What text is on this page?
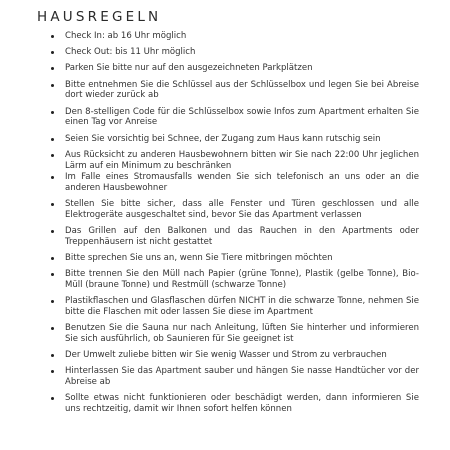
HAUSREGELN
Check In: ab 16 Uhr möglich
Check Out: bis 11 Uhr möglich
Parken Sie bitte nur auf den ausgezeichneten Parkplätzen
Bitte entnehmen Sie die Schlüssel aus der Schlüsselbox und legen Sie bei Abreise dort wieder zurück ab
Den 8-stelligen Code für die Schlüsselbox sowie Infos zum Apartment erhalten Sie einen Tag vor Anreise
Seien Sie vorsichtig bei Schnee, der Zugang zum Haus kann rutschig sein
Aus Rücksicht zu anderen Hausbewohnern bitten wir Sie nach 22:00 Uhr jeglichen Lärm auf ein Minimum zu beschränken
Im Falle eines Stromausfalls wenden Sie sich telefonisch an uns oder an die anderen Hausbewohner
Stellen Sie bitte sicher, dass alle Fenster und Türen geschlossen und alle Elektrogeräte ausgeschaltet sind, bevor Sie das Apartment verlassen
Das Grillen auf den Balkonen und das Rauchen in den Apartments oder Treppenhäusern ist nicht gestattet
Bitte sprechen Sie uns an, wenn Sie Tiere mitbringen möchten
Bitte trennen Sie den Müll nach Papier (grüne Tonne), Plastik (gelbe Tonne), Bio-Müll (braune Tonne) und Restmüll (schwarze Tonne)
Plastikflaschen und Glasflaschen dürfen NICHT in die schwarze Tonne, nehmen Sie bitte die Flaschen mit oder lassen Sie diese im Apartment
Benutzen Sie die Sauna nur nach Anleitung, lüften Sie hinterher und informieren Sie sich ausführlich, ob Saunieren für Sie geeignet ist
Der Umwelt zuliebe bitten wir Sie wenig Wasser und Strom zu verbrauchen
Hinterlassen Sie das Apartment sauber und hängen Sie nasse Handtücher vor der Abreise ab
Sollte etwas nicht funktionieren oder beschädigt werden, dann informieren Sie uns rechtzeitig, damit wir Ihnen sofort helfen können
